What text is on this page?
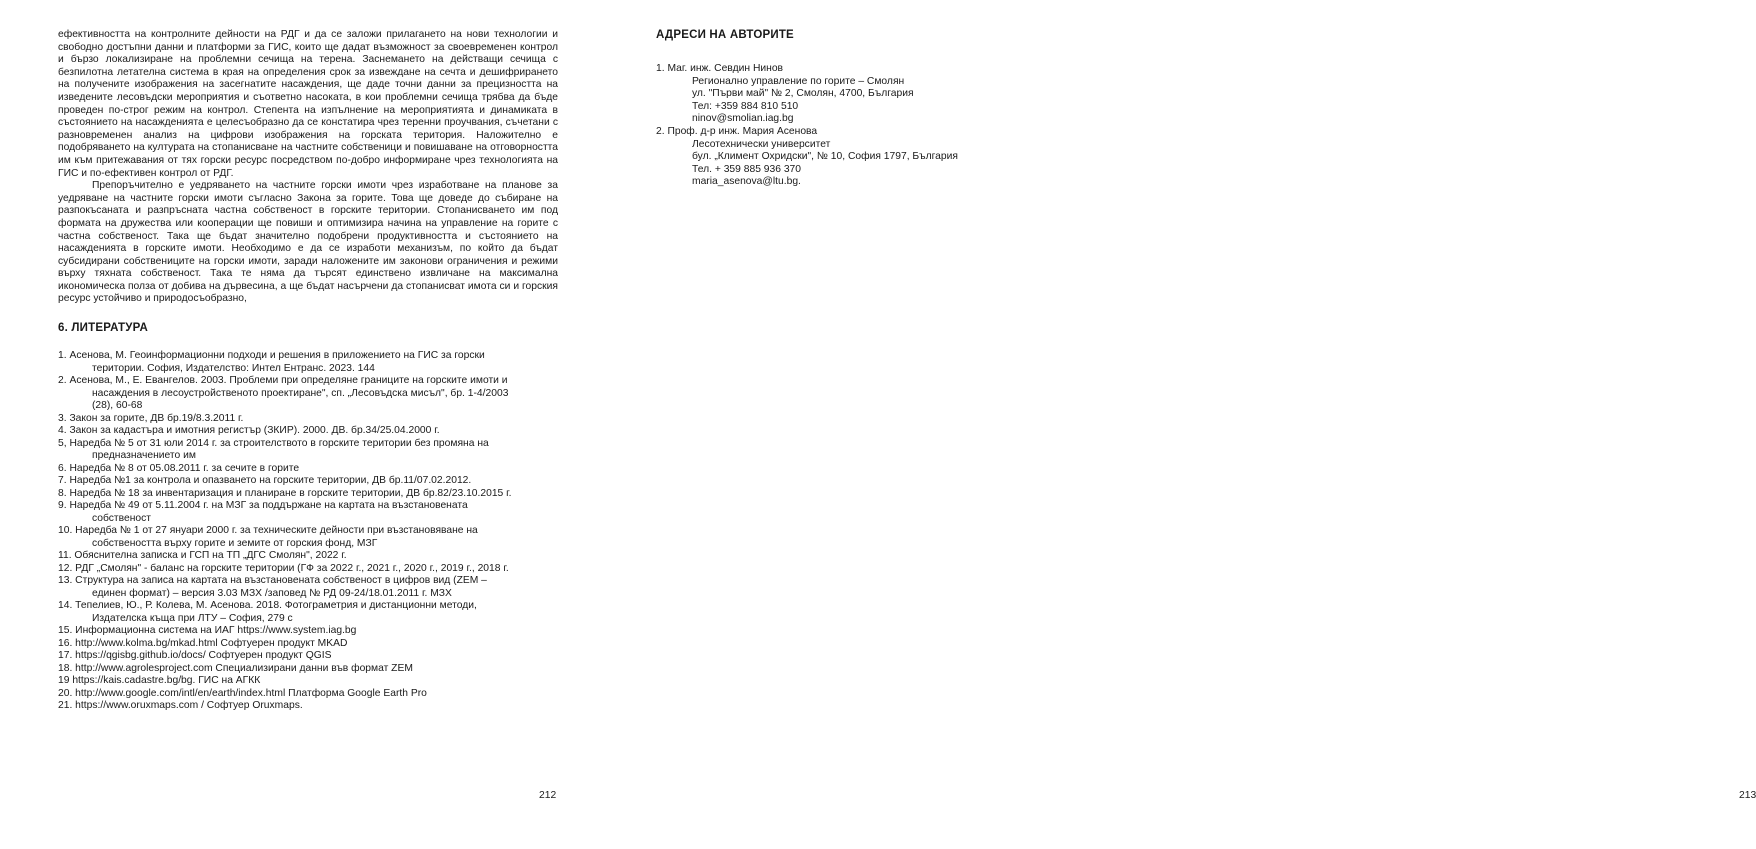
ефективността на контролните дейности на РДГ и да се заложи прилагането на нови технологии и свободно достъпни данни и платформи за ГИС, които ще дадат възможност за своевременен контрол и бързо локализиране на проблемни сечища на терена. Заснемането на действащи сечища с безпилотна летателна система в края на определения срок за извеждане на сечта и дешифрирането на получените изображения на засегнатите насаждения, ще даде точни данни за прецизността на изведените лесовъдски мероприятия и съответно насоката, в кои проблемни сечища трябва да бъде проведен по-строг режим на контрол. Степента на изпълнение на мероприятията и динамиката в състоянието на насажденията е целесъобразно да се констатира чрез теренни проучвания, съчетани с разновременен анализ на цифрови изображения на горската територия. Наложително е подобряването на културата на стопанисване на частните собственици и повишаване на отговорността им към притежавания от тях горски ресурс посредством по-добро информиране чрез технологията на ГИС и по-ефективен контрол от РДГ.

Препоръчително е уедряването на частните горски имоти чрез изработване на планове за уедряване на частните горски имоти съгласно Закона за горите. Това ще доведе до събиране на разпокъсаната и разпръсната частна собственост в горските територии. Стопанисването им под формата на дружества или кооперации ще повиши и оптимизира начина на управление на горите с частна собственост. Така ще бъдат значително подобрени продуктивността и състоянието на насажденията в горските имоти. Необходимо е да се изработи механизъм, по който да бъдат субсидирани собствениците на горски имоти, заради наложените им законови ограничения и режими върху тяхната собственост. Така те няма да търсят единствено извличане на максимална икономическа полза от добива на дървесина, а ще бъдат насърчени да стопанисват имота си и горския ресурс устойчиво и природосъобразно,

6. ЛИТЕРАТУРА
1. Асенова, М. Геоинформационни подходи и решения в приложението на ГИС за горски
територии. София, Издателство: Интел Ентранс. 2023. 144
2. Асенова, М., Е. Евангелов. 2003. Проблеми при определяне границите на горските имоти и
насаждения в лесоустройственото проектиране", сп. „Лесовъдска мисъл", бр. 1-4/2003
(28), 60-68
3. Закон за горите, ДВ бр.19/8.3.2011 г.
4. Закон за кадастъра и имотния регистър (ЗКИР). 2000. ДВ. бр.34/25.04.2000 г.
5, Наредба № 5 от 31 юли 2014 г. за строителството в горските територии без промяна на
предназначението им
6. Наредба № 8 от 05.08.2011 г. за сечите в горите
7. Наредба №1 за контрола и опазването на горските територии, ДВ бр.11/07.02.2012.
8. Наредба № 18 за инвентаризация и планиране в горските територии, ДВ бр.82/23.10.2015 г.
9. Наредба № 49 от 5.11.2004 г. на МЗГ за поддържане на картата на възстановената
собственост
10. Наредба № 1 от 27 януари 2000 г. за техническите дейности при възстановяване на
собствеността върху горите и земите от горския фонд, МЗГ
11. Обяснителна записка и ГСП на ТП „ДГС Смолян", 2022 г.
12. РДГ „Смолян" - баланс на горските територии (ГФ за 2022 г., 2021 г., 2020 г., 2019 г., 2018 г.
13. Структура на записа на картата на възстановената собственост в цифров вид (ZEM –
единен формат) – версия 3.03 МЗХ /заповед № РД 09-24/18.01.2011 г. МЗХ
14. Тепелиев, Ю., Р. Колева, М. Асенова. 2018. Фотограметрия и дистанционни методи,
Издателска къща при ЛТУ – София, 279 с
15. Информационна система на ИАГ https://www.system.iag.bg
16. http://www.kolma.bg/mkad.html Софтуерен продукт MKAD
17. https://qgisbg.github.io/docs/ Софтуерен продукт QGIS
18. http://www.agrolesproject.com Специализирани данни във формат ZEM
19 https://kais.cadastre.bg/bg. ГИС на АГКК
20. http://www.google.com/intl/en/earth/index.html Платформа Google Earth Pro
21. https://www.oruxmaps.com / Софтуер Oruxmaps.
212
АДРЕСИ НА АВТОРИТЕ
1. Маг. инж. Севдин Нинов
Регионално управление по горите – Смолян
ул. "Първи май" № 2, Смолян, 4700, България
Тел: +359 884 810 510
ninov@smolian.iag.bg
2. Проф. д-р инж. Мария Асенова
Лесотехнически университет
бул. „Климент Охридски", № 10, София 1797, България
Тел. + 359 885 936 370
maria_asenova@ltu.bg.
213
